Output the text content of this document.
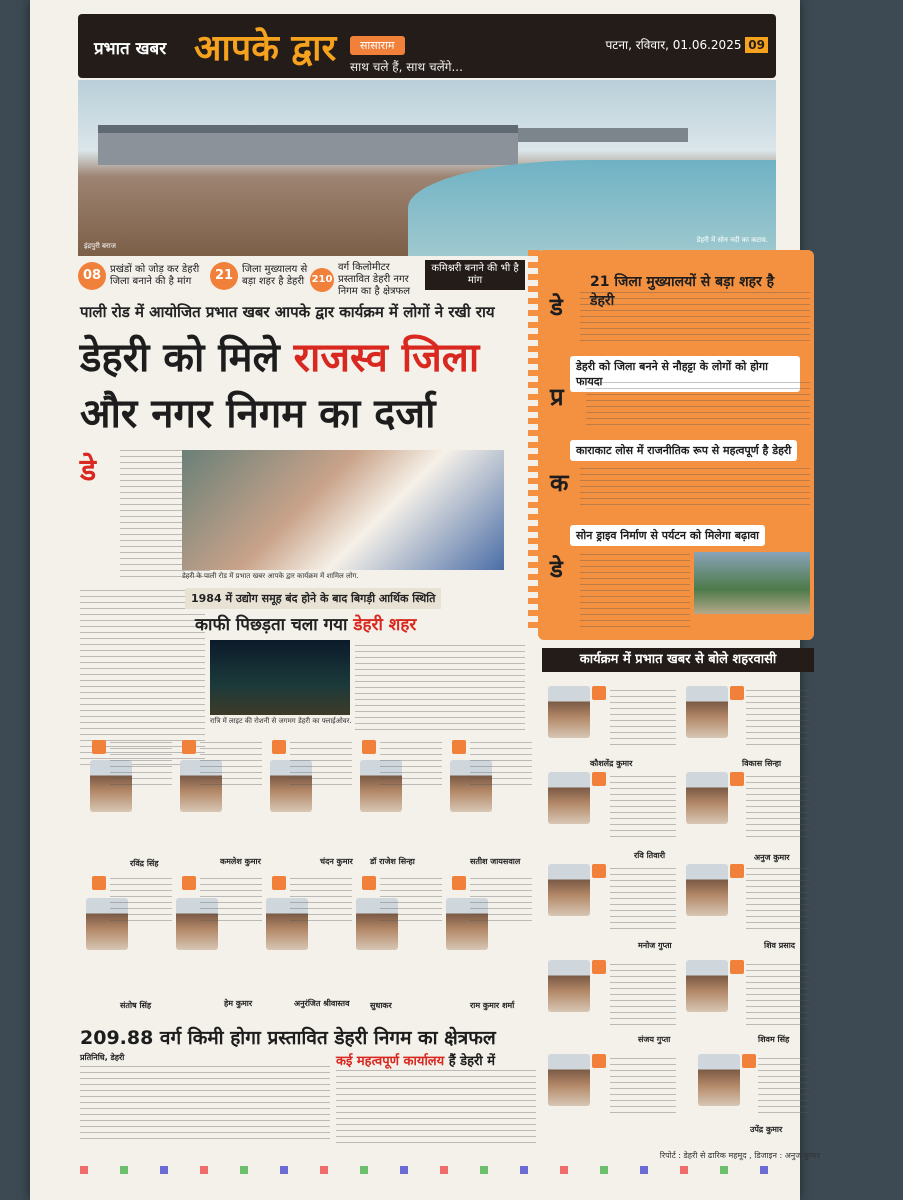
प्रभात खबर आपके द्वार	सासाराम
साथ चले हैं, साथ चलेंगे...
पटना, रविवार, 01.06.2025 09
इंद्रपुरी बराज
डेहरी में सोन नदी का कटाव.
08 प्रखंडों को जोड़ कर डेहरी जिला बनाने की है मांग	21 जिला मुख्यालय से बड़ा शहर है डेहरी 210वर्ग किलोमीटर प्रस्तावित डेहरी नगर निगम का है क्षेत्रफल
कमिश्नरी बनाने की भी है मांग
पाली रोड में आयोजित प्रभात खबर आपके द्वार कार्यक्रम में लोगों ने रखी राय
डेहरी को मिले राजस्व जिला
और नगर निगम का दर्जा
डे
डेहरी के पाली रोड में प्रभात खबर आपके द्वार कार्यक्रम में शामिल लोग.
1984 में उद्योग समूह बंद होने के बाद बिगड़ी आर्थिक स्थिति
काफी पिछड़ता चला गया डेहरी शहर
रात्रि में लाइट की रोशनी से जगमग डेहरी का फ्लाईओवर.
21 जिला मुख्यालयों से बड़ा शहर है डेहरी
डे
डेहरी को जिला बनने से नौहट्टा के लोगों को होगा फायदा
प्र
काराकाट लोस में राजनीतिक रूप से महत्वपूर्ण है डेहरी
क
सोन ड्राइव निर्माण से पर्यटन को मिलेगा बढ़ावा
डे
कार्यक्रम में प्रभात खबर से बोले शहरवासी
कौशलेंद्र कुमार	विकास सिन्हा
रवि तिवारी	अनुज कुमार
मनोज गुप्ता	शिव प्रसाद
संजय गुप्ता	शिवम सिंह
उपेंद्र कुमार
रविंद्र सिंह	कमलेश कुमार	चंदन कुमार डॉ राजेश सिन्हा	सतीश जायसवाल
संतोष सिंह	हेम कुमार	अनुरंजित श्रीवास्तव	सुधाकर	राम कुमार शर्मा
209.88 वर्ग किमी होगा प्रस्तावित डेहरी निगम का क्षेत्रफल
प्रतिनिधि, डेहरी	कई महत्वपूर्ण कार्यालय हैं डेहरी में
रिपोर्ट : डेहरी से ढारिक महमूद , डिजाइन : अनुज कुमार
